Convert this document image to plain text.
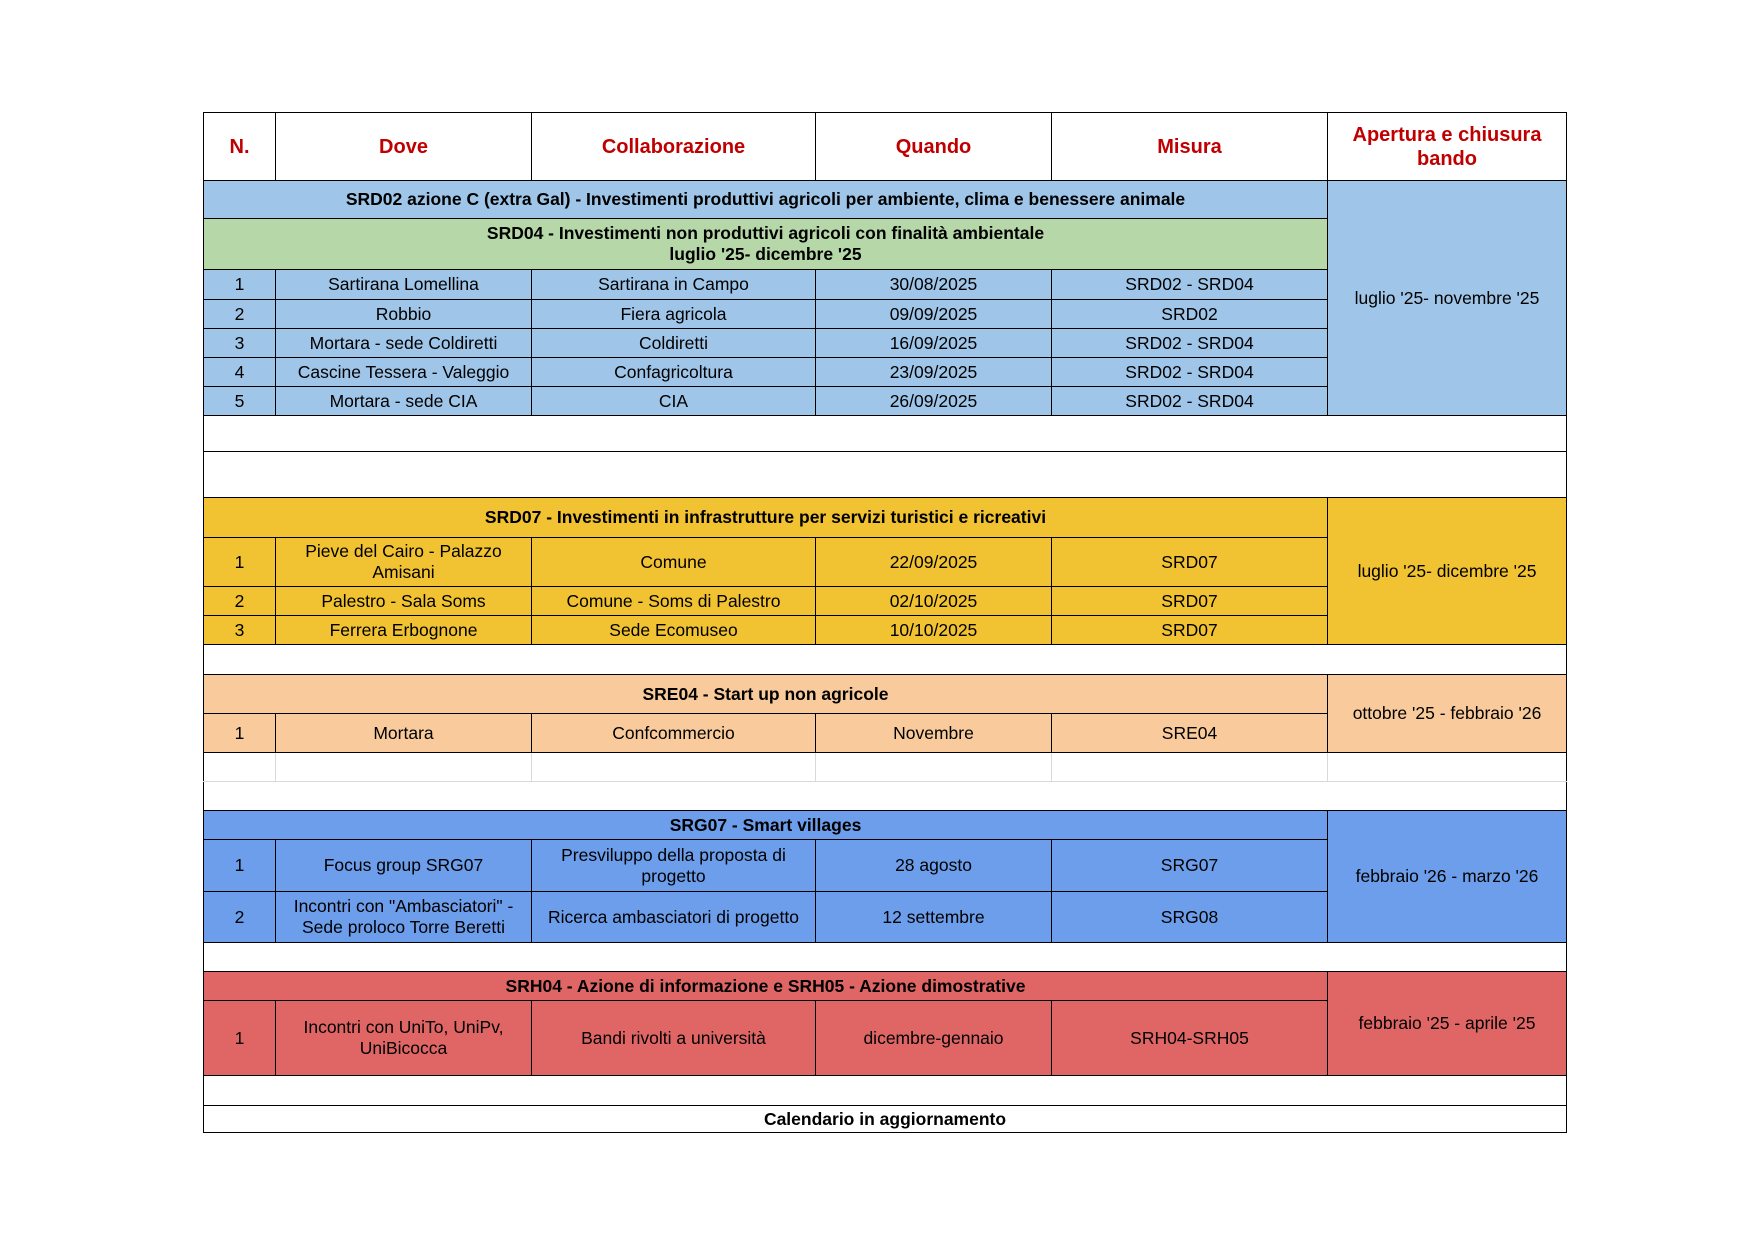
N.	Dove	Collaborazione	Quando	Misura	Apertura e chiusura bando
SRD02 azione C (extra Gal) - Investimenti produttivi agricoli per ambiente, clima e benessere animale					luglio '25- novembre '25
SRD04 - Investimenti non produttivi agricoli con finalità ambientale
luglio '25- dicembre '25					
1	Sartirana Lomellina	Sartirana in Campo	30/08/2025	SRD02 - SRD04	
2	Robbio	Fiera agricola	09/09/2025	SRD02	
3	Mortara - sede Coldiretti	Coldiretti	16/09/2025	SRD02 - SRD04	
4	Cascine Tessera - Valeggio	Confagricoltura	23/09/2025	SRD02 - SRD04	
5	Mortara - sede CIA	CIA	26/09/2025	SRD02 - SRD04	

SRD07 - Investimenti in infrastrutture per servizi turistici e ricreativi					luglio '25- dicembre '25
1	Pieve del Cairo - Palazzo Amisani	Comune	22/09/2025	SRD07	
2	Palestro - Sala Soms	Comune - Soms di Palestro	02/10/2025	SRD07	
3	Ferrera Erbognone	Sede Ecomuseo	10/10/2025	SRD07	

SRE04 - Start up non agricole					ottobre '25 - febbraio '26
1	Mortara	Confcommercio	Novembre	SRE04	

SRG07 - Smart villages					febbraio '26 - marzo '26
1	Focus group SRG07	Presviluppo della proposta di progetto	28 agosto	SRG07	
2	Incontri con "Ambasciatori" - Sede proloco Torre Beretti	Ricerca ambasciatori di progetto	12 settembre	SRG08	

SRH04 - Azione di informazione e SRH05 - Azione dimostrative					febbraio '25 - aprile '25
1	Incontri con UniTo, UniPv, UniBicocca	Bandi rivolti a università	dicembre-gennaio	SRH04-SRH05	

Calendario in aggiornamento					
